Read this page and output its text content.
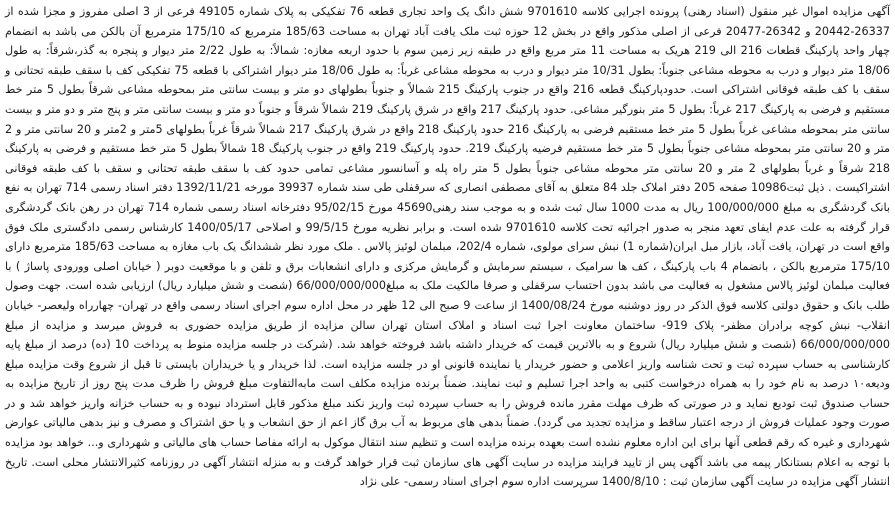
آگهی مزایده اموال غیر منقول (اسناد رهنی) پرونده اجرایی کلاسه 9701610 شش دانگ یک واحد تجاری قطعه 76 تفکیکی به پلاک شماره 49105 فرعی از 3 اصلی مفروز و مجزا شده از 26337-20442 و 26342-20477 فرعی از اصلی مذکور واقع در بخش 12 حوزه ثبت ملک یافت آباد تهران به مساحت 185/63 مترمربع که 175/10 مترمربع آن بالکن می باشد به انضمام چهار واحد پارکینگ قطعات 216 الی 219 هریک به مساحت 11 متر مربع واقع در طبقه زیر زمین سوم با حدود اربعه مغازه: شمالاً: به طول 2/22 متر دیوار و پنجره به گذر،شرقاً: به طول 18/06 متر دیوار و درب به محوطه مشاعی جنوباً: بطول 10/31 متر دیوار و درب به محوطه مشاعی غرباً: به طول 18/06 متر دیوار اشتراکی با قطعه 75 تفکیکی کف با سقف طبقه تحتانی و سقف با کف طبقه فوقانی اشتراکی است. حدودپارکینگ قطعه 216 واقع در جنوب پارکینگ 215 شمالاً و جنوباً بطولهای دو متر و بیست سانتی متر بمحوطه مشاعی شرقاً بطول 5 متر خط مستقیم و فرضی به پارکینگ 217 غرباً: بطول 5 متر بنورگیر مشاعی. حدود پارکینگ 217 واقع در شرق پارکینگ 219 شمالاً شرقاً و جنوباً دو متر و بیست سانتی متر و پنج متر و دو متر و بیست سانتی متر بمحوطه مشاعی غرباً بطول 5 متر خط مستقیم فرضی به پارکینگ 216 حدود پارکینگ 218 واقع در شرق پارکینگ 217 شمالاً شرقاً غرباً بطولهای 5متر و 2متر و 20 سانتی متر و 2 متر و 20 سانتی متر بمحوطه مشاعی جنوباً بطول 5 متر خط مستقیم فرضیه پارکینگ 219. حدود پارکینگ 219 واقع در جنوب پارکینگ 18 شمالاً بطول 5 متر خط مستقیم و فرضی به پارکینگ 218 شرقاً و غرباً بطولهای 2 متر و 20 سانتی متر محوطه مشاعی جنوباً بطول 5 متر راه پله و آسانسور مشاعی تمامی حدود کف با سقف طبقه تحتانی و سقف با کف طبقه فوقانی اشتراکیست . ذیل ثبت10986 صفحه 205 دفتر املاک جلد 84 متعلق به آقای مصطفی انصاری که سرقفلی طی سند شماره 39937 مورخه 1392/11/21 دفتر اسناد رسمی 714 تهران به نفع بانک گردشگری به مبلغ 100/000/000 ریال به مدت 1000 سال ثبت شده و به موجب سند رهنی45690 مورخ 95/02/15 دفترخانه اسناد رسمی شماره 714 تهران در رهن بانک گردشگری قرار گرفته به علت عدم ایفای تعهد منجر به صدور اجرائیه تحت کلاسه 9701610 شده است. و برابر نظریه مورخ 99/5/15 و اصلاحی 1400/05/17 کارشناس رسمی دادگستری ملک فوق واقع است در تهران، یافت آباد، بازار مبل ایران(شماره 1) نبش سرای مولوی، شماره 202/4، مبلمان لوئیز پالاس . ملک مورد نظر ششدانگ یک باب مغازه به مساحت 185/63 مترمربع دارای 175/10 مترمربع بالکن ، بانضمام 4 باب پارکینگ ، کف ها سرامیک ، سیستم سرمایش و گرمایش مرکزی و دارای انشعابات برق و تلفن و با موقعیت دوبر ( خیابان اصلی وورودی پاساژ ) با فعالیت مبلمان لوئیز پالاس مشغول به فعالیت می باشد بدون احتساب سرقفلی و صرفا مالکیت ملک به مبلغ66/000/000/000 (شصت و شش میلیارد ریال) ارزیابی شده است. جهت وصول طلب بانک و حقوق دولتی کلاسه فوق الذکر در روز دوشنبه مورخ 1400/08/24 از ساعت 9 صبح الی 12 ظهر در محل اداره سوم اجرای اسناد رسمی واقع در تهران- چهارراه ولیعصر- خیابان انقلاب- نبش کوچه برادران مظفر- پلاک 919- ساختمان معاونت اجرا ثبت اسناد و املاک استان تهران سالن مزایده از طریق مزایده حضوری به فروش میرسد و مزایده از مبلغ 66/000/000/000 (شصت و شش میلیارد ریال) شروع و به بالاترین قیمت که خریدار داشته باشد فروخته خواهد شد. (شرکت در جلسه مزایده منوط به پرداخت 10 (ده) درصد از مبلغ پایه کارشناسی به حساب سپرده ثبت و تحت شناسه واریز اعلامی و حضور خریدار یا نماینده قانونی او در جلسه مزایده است. لذا خریدار و یا خریداران بایستی تا قبل از شروع وقت مزایده مبلغ ودیعه۱۰ درصد به نام خود را به همراه درخواست کتبی به واحد اجرا تسلیم و ثبت نمایند. ضمناً برنده مزایده مکلف است مابه‌التفاوت مبلغ فروش را ظرف مدت پنج روز از تاریخ مزایده به حساب صندوق ثبت تودیع نماید و در صورتی که ظرف مهلت مقرر مانده فروش را به حساب سپرده ثبت واریز نکند مبلغ مذکور قابل استرداد نبوده و به حساب خزانه واریز خواهد شد و در صورت وجود عملیات فروش از درجه اعتبار ساقط و مزایده تجدید می گردد). ضمناً بدهی های مربوط به آب برق گاز اعم از حق انشعاب و یا حق اشتراک و مصرف و نیز بدهی مالیاتی عوارض شهرداری و غیره که رقم قطعی آنها برای این اداره معلوم نشده است بعهده برنده مزایده است و تنظیم سند انتقال موکول به ارائه مفاصا حساب های مالیاتی و شهرداری و... خواهد بود مزایده با توجه به اعلام بستانکار پیمه می باشد آگهی پس از تایید فرایند مزایده در سایت آگهی های سازمان ثبت قرار خواهد گرفت و به منزله انتشار آگهی در روزنامه کثیرالانتشار محلی است. تاریخ انتشار آگهی مزایده در سایت آگهی سازمان ثبت : 1400/8/10 سرپرست اداره سوم اجرای اسناد رسمی- علی نژاد
